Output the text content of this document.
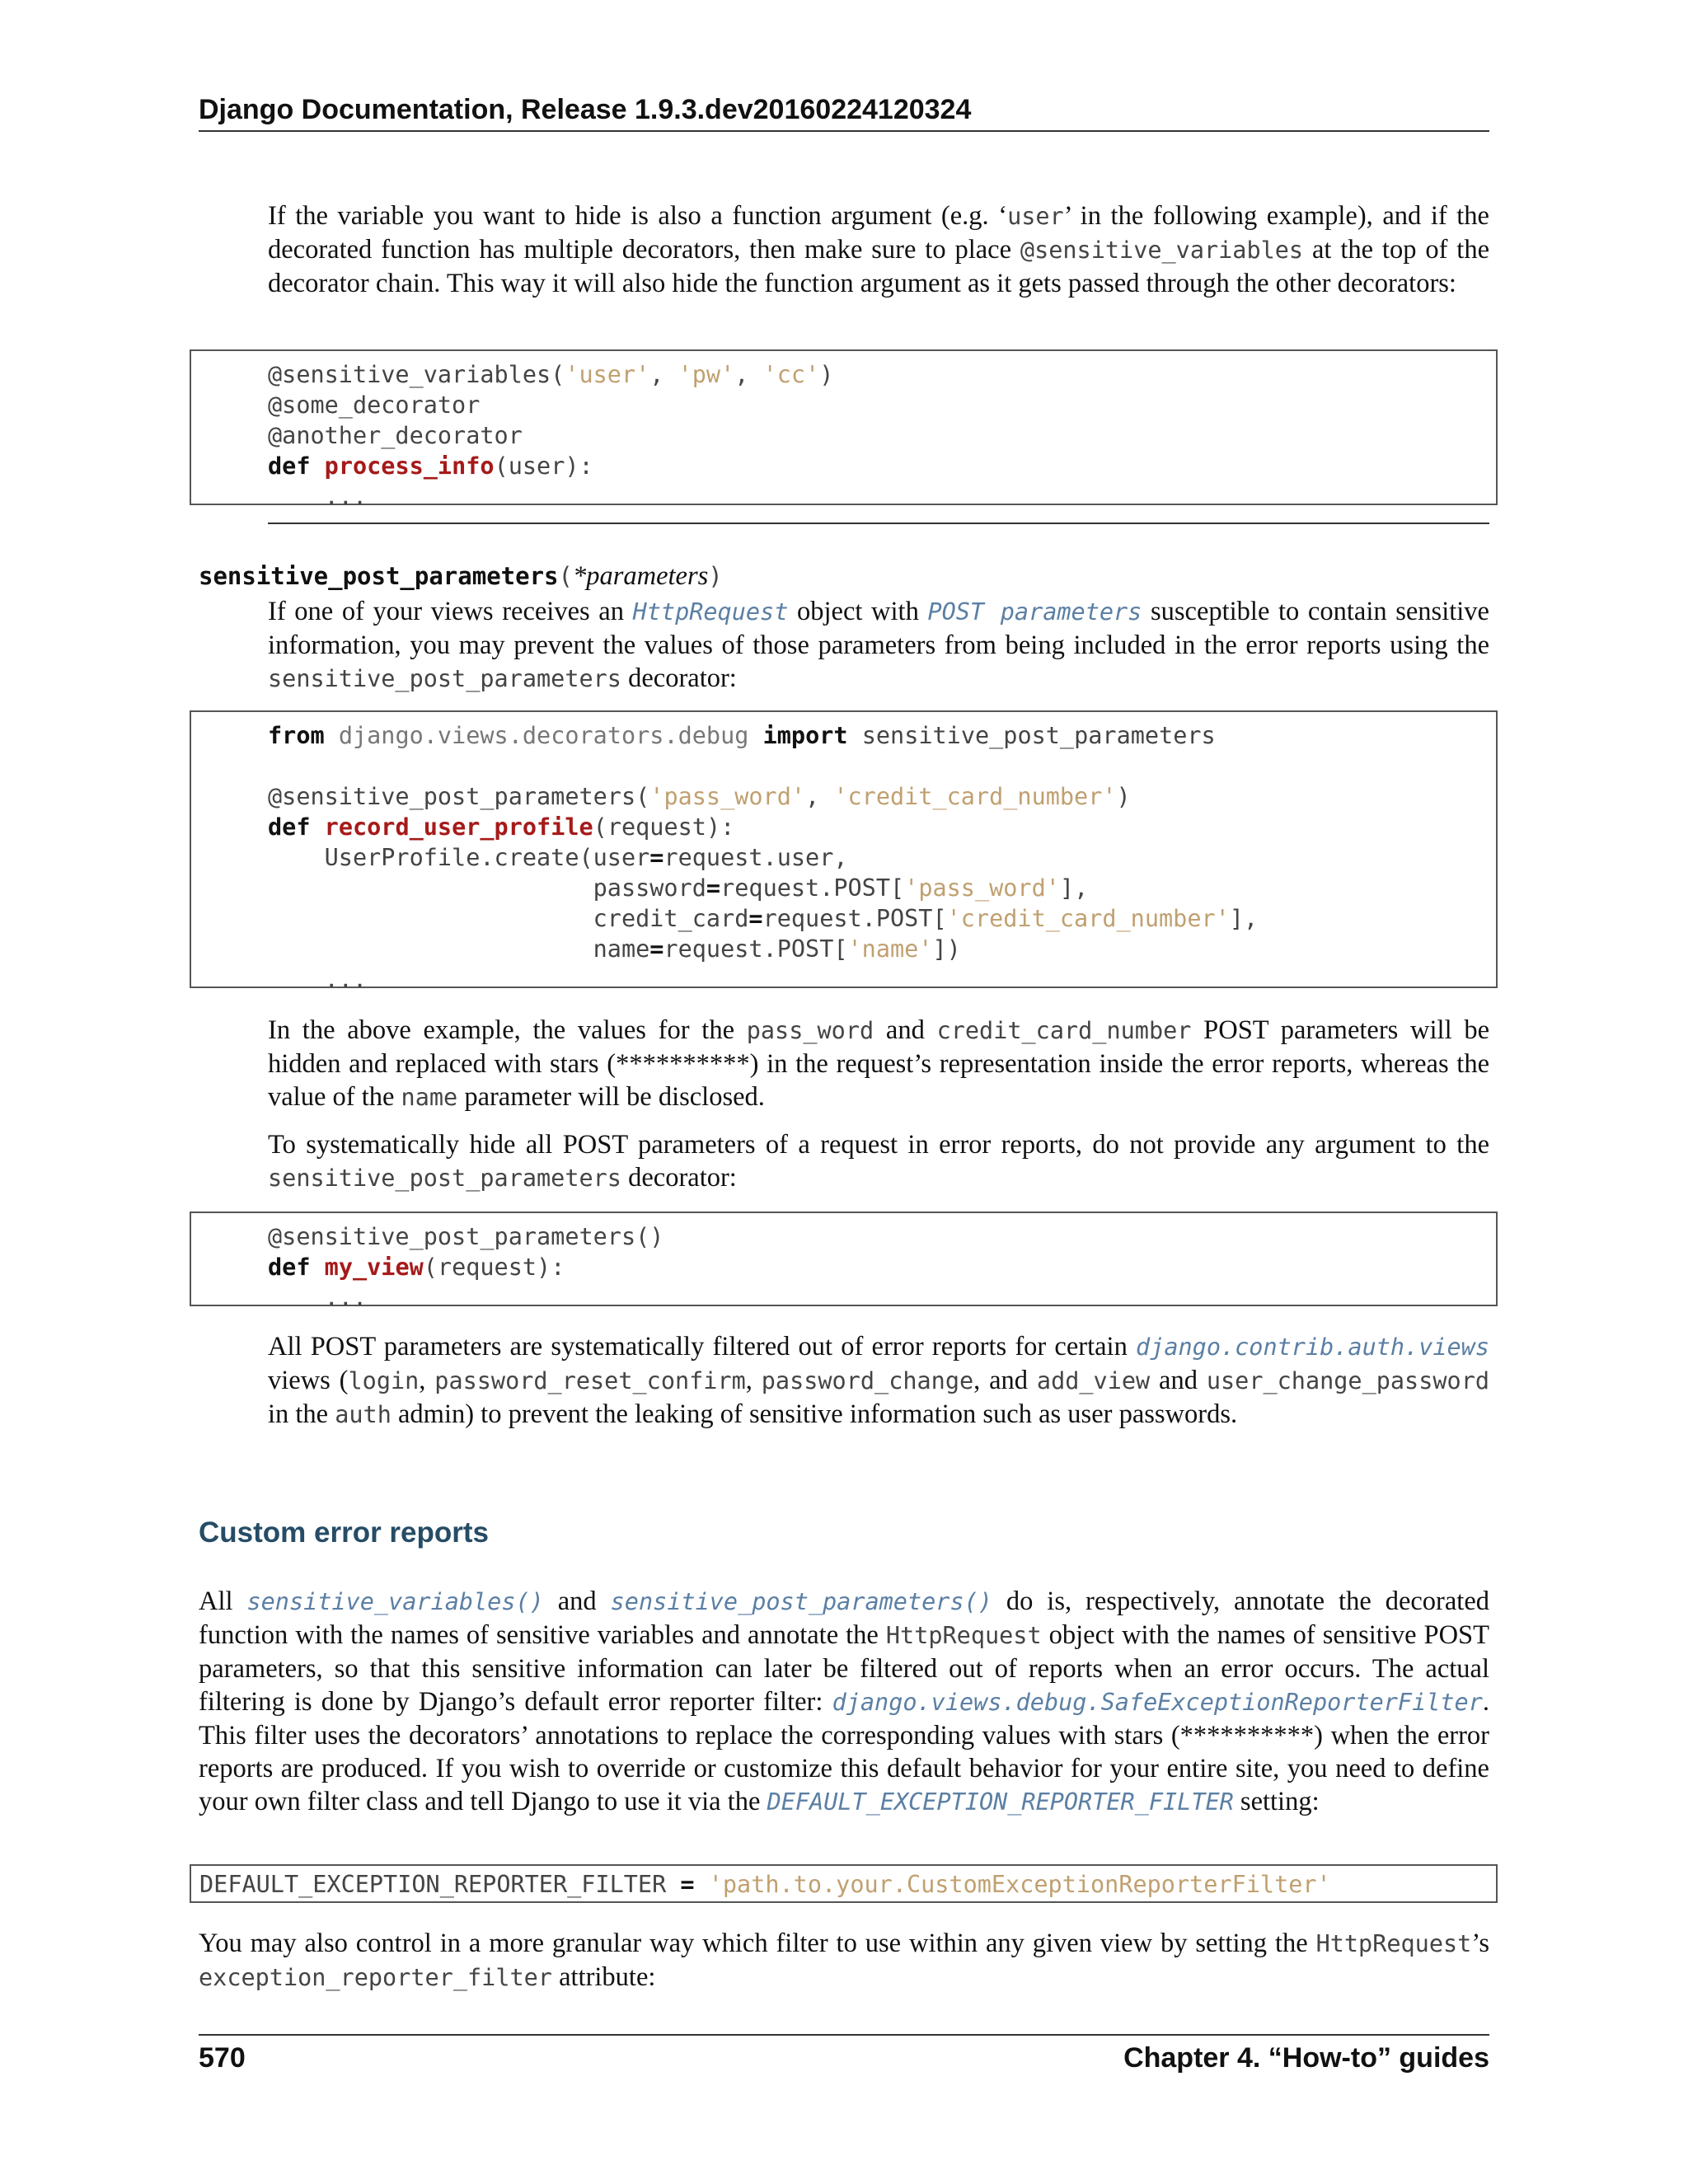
Django Documentation, Release 1.9.3.dev20160224120324

If the variable you want to hide is also a function argument (e.g. ‘user’ in the following example), and if the decorated function has multiple decorators, then make sure to place @sensitive_variables at the top of the decorator chain. This way it will also hide the function argument as it gets passed through the other decorators:

@sensitive_variables('user', 'pw', 'cc')
@some_decorator
@another_decorator
def process_info(user):
...
sensitive_post_parameters(*parameters)

If one of your views receives an HttpRequest object with POST parameters susceptible to contain sensitive information, you may prevent the values of those parameters from being included in the error reports using the sensitive_post_parameters decorator:

from django.views.decorators.debug import sensitive_post_parameters

@sensitive_post_parameters('pass_word', 'credit_card_number')
def record_user_profile(request):
UserProfile.create(user=request.user,
password=request.POST['pass_word'],
credit_card=request.POST['credit_card_number'],
name=request.POST['name'])
...

In the above example, the values for the pass_word and credit_card_number POST parameters will be hidden and replaced with stars (**********) in the request’s representation inside the error reports, whereas the value of the name parameter will be disclosed.

To systematically hide all POST parameters of a request in error reports, do not provide any argument to the sensitive_post_parameters decorator:

@sensitive_post_parameters()
def my_view(request):
...

All POST parameters are systematically filtered out of error reports for certain django.contrib.auth.views views (login, password_reset_confirm, password_change, and add_view and user_change_password in the auth admin) to prevent the leaking of sensitive information such as user passwords.

Custom error reports

All sensitive_variables() and sensitive_post_parameters() do is, respectively, annotate the decorated function with the names of sensitive variables and annotate the HttpRequest object with the names of sensitive POST parameters, so that this sensitive information can later be filtered out of reports when an error occurs. The actual filtering is done by Django’s default error reporter filter: django.views.debug.SafeExceptionReporterFilter. This filter uses the decorators’ annotations to replace the corresponding values with stars (**********) when the error reports are produced. If you wish to override or customize this default behavior for your entire site, you need to define your own filter class and tell Django to use it via the DEFAULT_EXCEPTION_REPORTER_FILTER setting:

DEFAULT_EXCEPTION_REPORTER_FILTER = 'path.to.your.CustomExceptionReporterFilter'

You may also control in a more granular way which filter to use within any given view by setting the HttpRequest’s exception_reporter_filter attribute:

570	Chapter 4. “How-to” guides
